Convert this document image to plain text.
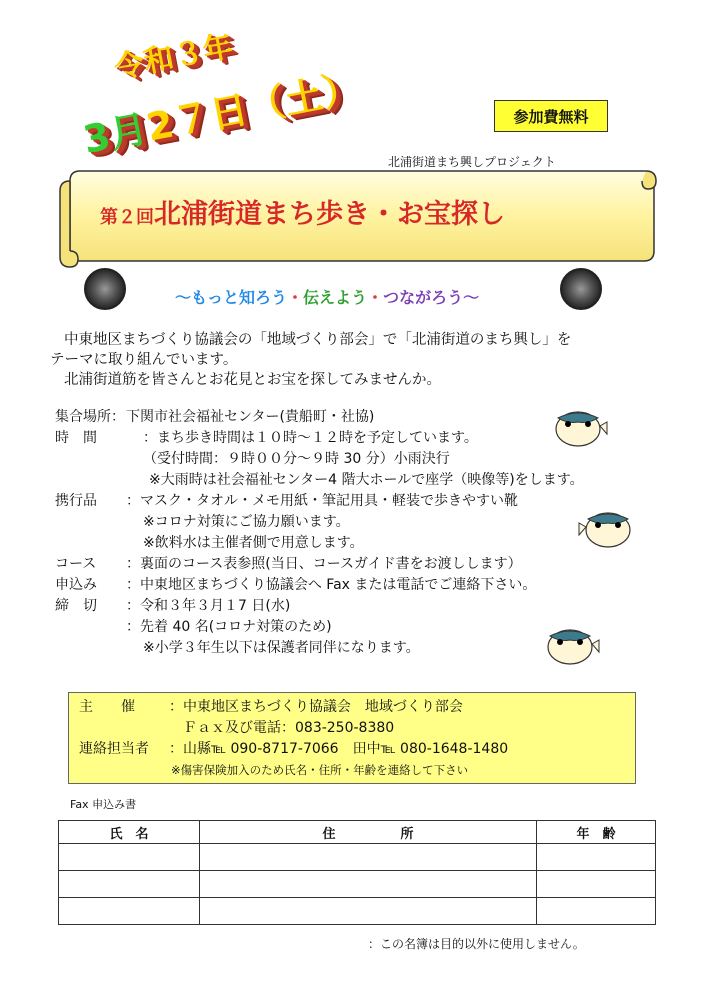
令和３年
3月2７日（土）	参加費無料
北浦街道まち興しプロジェクト
第２回北浦街道まち歩き・お宝探し
～もっと知ろう・伝えよう・つながろう～

中東地区まちづくり協議会の「地域づくり部会」で「北浦街道のまち興し」を

テーマに取り組んでいます。

北浦街道筋を皆さんとお花見とお宝を探してみませんか。

集合場所： 下関市社会福祉センター(貴船町・社協)
時　間	：まち歩き時間は１０時～１２時を予定しています。
（受付時間：９時００分～９時 30 分）小雨決行
※大雨時は社会福祉センター4 階大ホールで座学（映像等)をします。
携行品	：マスク・タオル・メモ用紙・筆記用具・軽装で歩きやすい靴
※コロナ対策にご協力願います。
※飲料水は主催者側で用意します。
コース	：裏面のコース表参照(当日、コースガイド書をお渡しします）
申込み	：中東地区まちづくり協議会へ Fax または電話でご連絡下さい。
締　切	：令和３年３月１7 日(水)
：先着 40 名(コロナ対策のため)
※小学３年生以下は保護者同伴になります。
主　　催	：中東地区まちづくり協議会　地域づくり部会
Ｆａｘ及び電話：083-250-8380
連絡担当者	：山縣℡ 090-8717-7066　田中℡ 080-1648-1480
※傷害保険加入のため氏名・住所・年齢を連絡して下さい
Fax 申込み書
氏　名	住　　　　　所	年　齢

：この名簿は目的以外に使用しません。
